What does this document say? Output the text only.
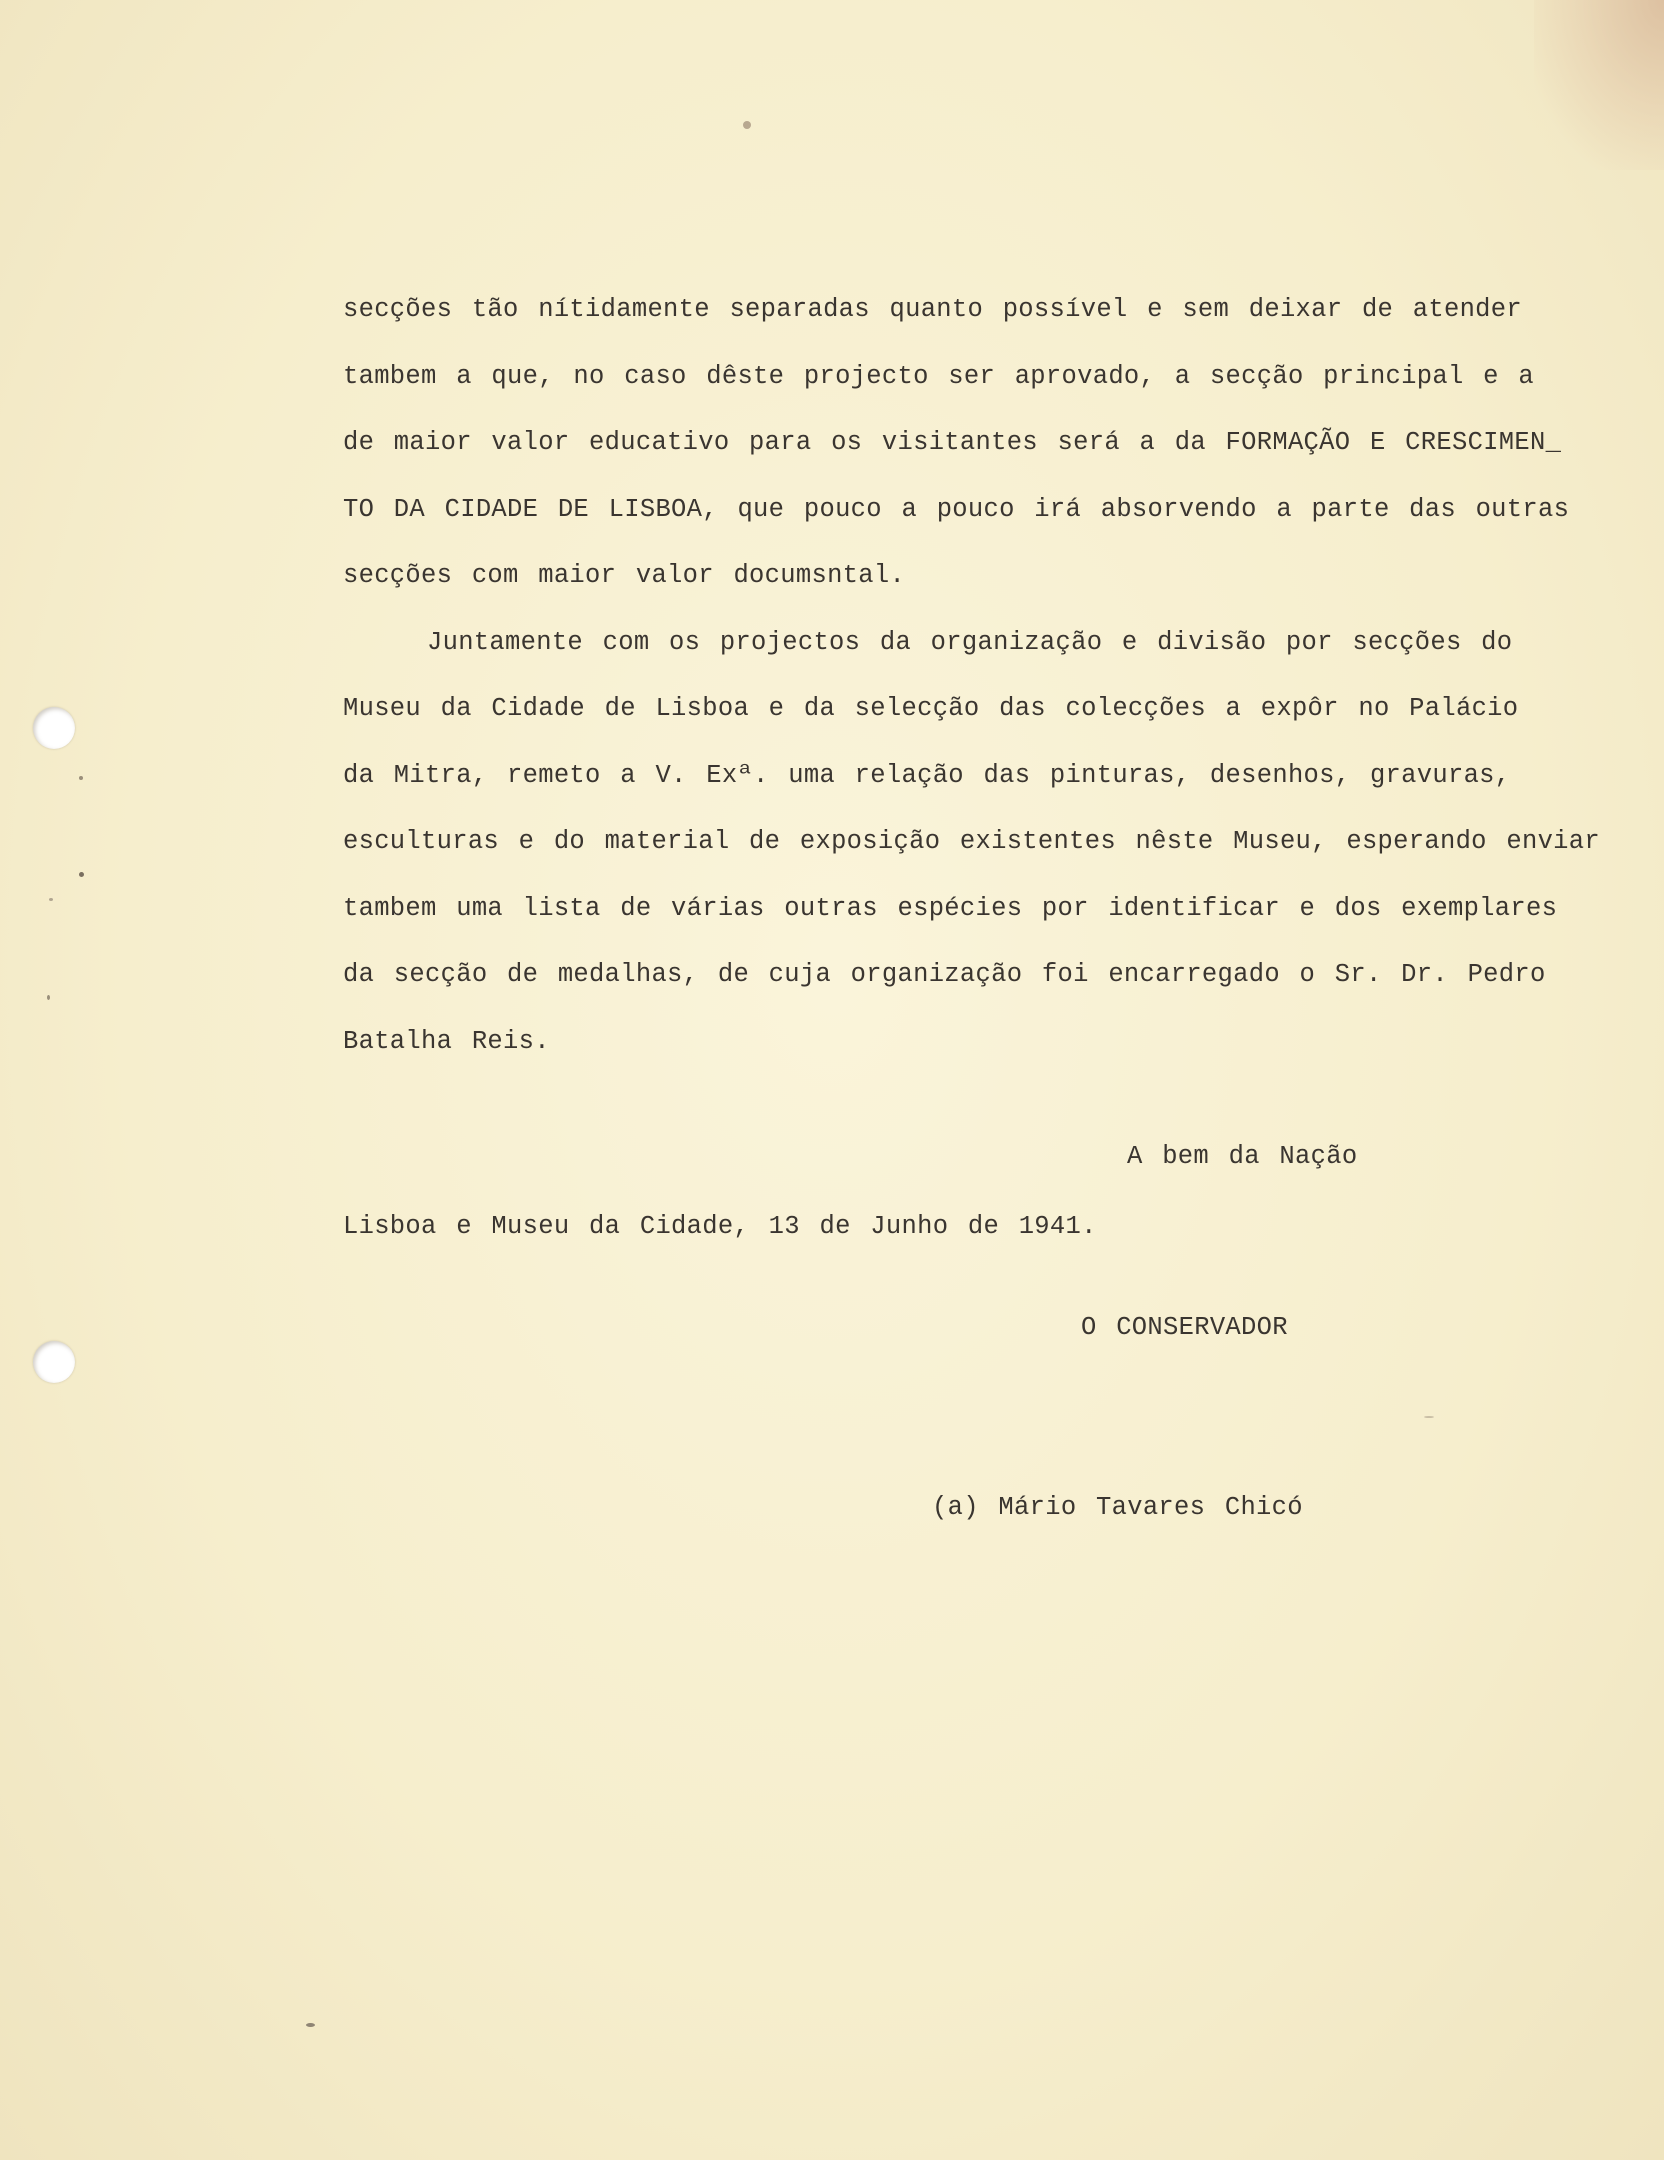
secções tão nítidamente separadas quanto possível e sem deixar de atender
tambem a que, no caso dêste projecto ser aprovado, a secção principal e a
de maior valor educativo para os visitantes será a da FORMAÇÃO E CRESCIMEN_
TO DA CIDADE DE LISBOA, que pouco a pouco irá absorvendo a parte das outras
secções com maior valor documsntal.
Juntamente com os projectos da organização e divisão por secções do
Museu da Cidade de Lisboa e da selecção das colecções a expôr no Palácio
da Mitra, remeto a V. Exª. uma relação das pinturas, desenhos, gravuras,
esculturas e do material de exposição existentes nêste Museu, esperando enviar
tambem uma lista de várias outras espécies por identificar e dos exemplares
da secção de medalhas, de cuja organização foi encarregado o Sr. Dr. Pedro
Batalha Reis.
A bem da Nação
Lisboa e Museu da Cidade, 13 de Junho de 1941.
O CONSERVADOR
(a) Mário Tavares Chicó
